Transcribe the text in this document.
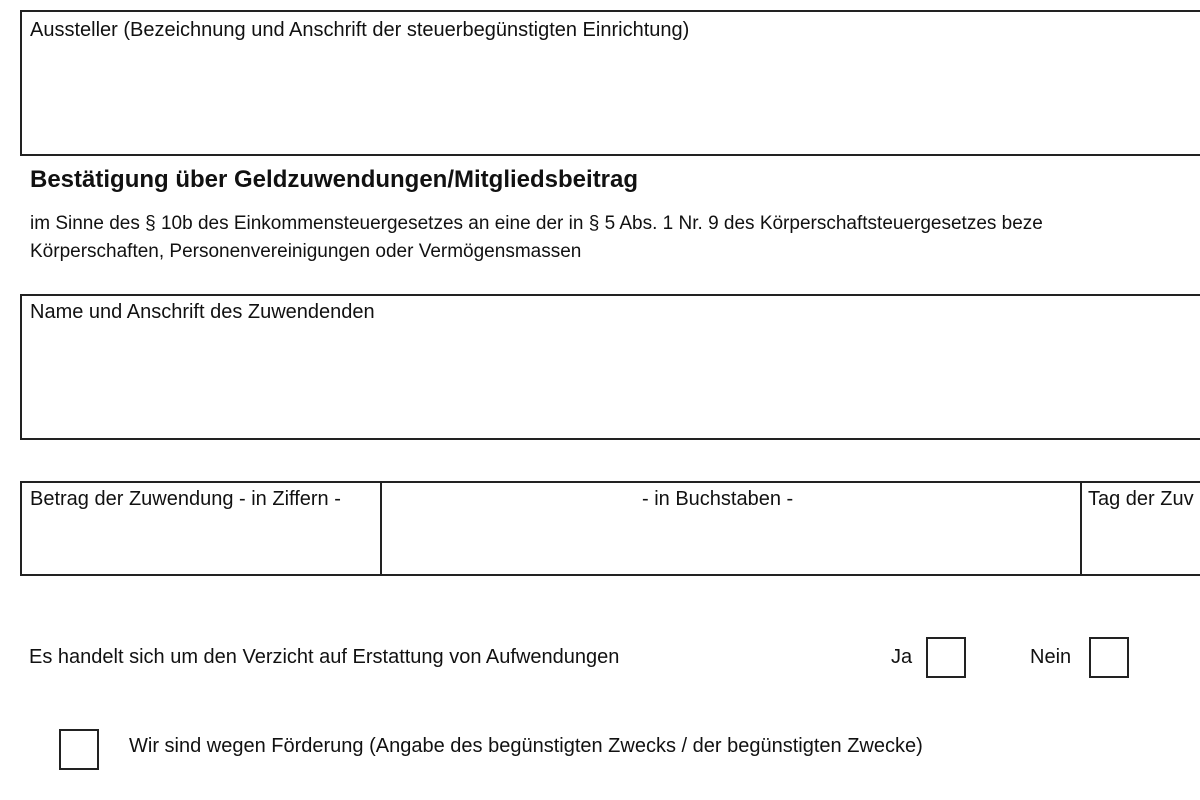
Aussteller (Bezeichnung und Anschrift der steuerbegünstigten Einrichtung)
Bestätigung über Geldzuwendungen/Mitgliedsbeitrag
im Sinne des § 10b des Einkommensteuergesetzes an eine der in § 5 Abs. 1 Nr. 9 des Körperschaftsteuergesetzes beze
Körperschaften, Personenvereinigungen oder Vermögensmassen
Name und Anschrift des Zuwendenden
Betrag der Zuwendung - in Ziffern -	- in Buchstaben -	Tag der Zuv
Es handelt sich um den Verzicht auf Erstattung von Aufwendungen	Ja	Nein
Wir sind wegen Förderung (Angabe des begünstigten Zwecks / der begünstigten Zwecke)
